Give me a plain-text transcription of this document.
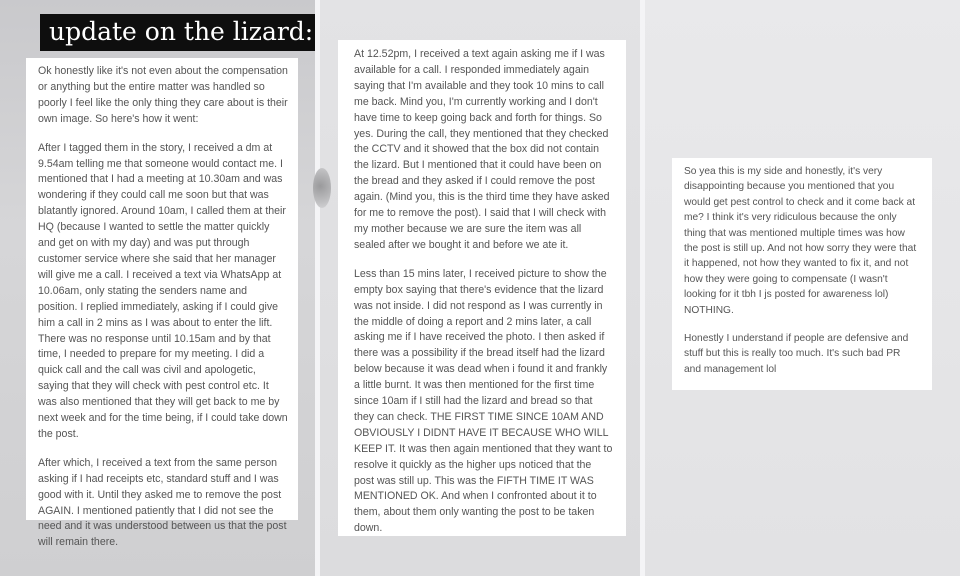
update on the lizard:

Ok honestly like it's not even about the compensation or anything but the entire matter was handled so poorly I feel like the only thing they care about is their own image. So here's how it went:

After I tagged them in the story, I received a dm at 9.54am telling me that someone would contact me. I mentioned that I had a meeting at 10.30am and was wondering if they could call me soon but that was blatantly ignored. Around 10am, I called them at their HQ (because I wanted to settle the matter quickly and get on with my day) and was put through customer service where she said that her manager will give me a call. I received a text via WhatsApp at 10.06am, only stating the senders name and position. I replied immediately, asking if I could give him a call in 2 mins as I was about to enter the lift. There was no response until 10.15am and by that time, I needed to prepare for my meeting. I did a quick call and the call was civil and apologetic, saying that they will check with pest control etc. It was also mentioned that they will get back to me by next week and for the time being, if I could take down the post.

After which, I received a text from the same person asking if I had receipts etc, standard stuff and I was good with it. Until they asked me to remove the post AGAIN. I mentioned patiently that I did not see the need and it was understood between us that the post will remain there.

At 12.52pm, I received a text again asking me if I was available for a call. I responded immediately again saying that I'm available and they took 10 mins to call me back. Mind you, I'm currently working and I don't have time to keep going back and forth for things. So yes. During the call, they mentioned that they checked the CCTV and it showed that the box did not contain the lizard. But I mentioned that it could have been on the bread and they asked if I could remove the post again. (Mind you, this is the third time they have asked for me to remove the post). I said that I will check with my mother because we are sure the item was all sealed after we bought it and before we ate it.

Less than 15 mins later, I received picture to show the empty box saying that there's evidence that the lizard was not inside. I did not respond as I was currently in the middle of doing a report and 2 mins later, a call asking me if I have received the photo. I then asked if there was a possibility if the bread itself had the lizard below because it was dead when i found it and frankly a little burnt. It was then mentioned for the first time since 10am if I still had the lizard and bread so that they can check. THE FIRST TIME SINCE 10AM AND OBVIOUSLY I DIDNT HAVE IT BECAUSE WHO WILL KEEP IT. It was then again mentioned that they want to resolve it quickly as the higher ups noticed that the post was still up. This was the FIFTH TIME IT WAS MENTIONED OK. And when I confronted about it to them, about them only wanting the post to be taken down.

So yea this is my side and honestly, it's very disappointing because you mentioned that you would get pest control to check and it come back at me? I think it's very ridiculous because the only thing that was mentioned multiple times was how the post is still up. And not how sorry they were that it happened, not how they wanted to fix it, and not how they were going to compensate (I wasn't looking for it tbh I js posted for awareness lol) NOTHING.

Honestly I understand if people are defensive and stuff but this is really too much. It's such bad PR and management lol
